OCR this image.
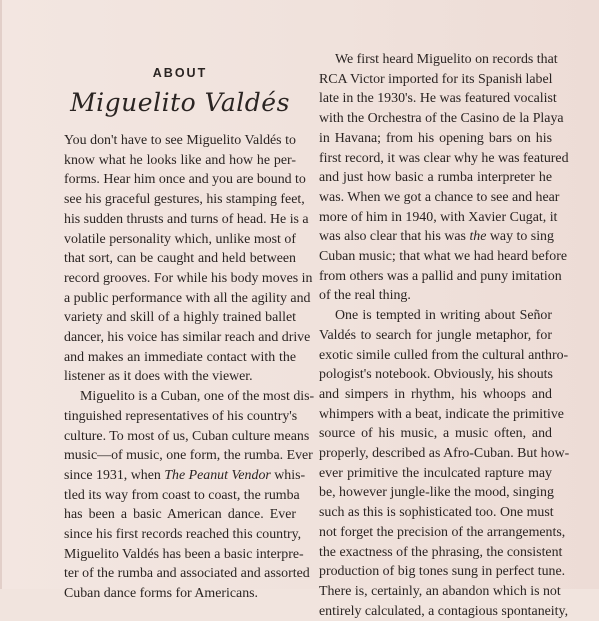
ABOUT
Miguelito Valdés
You don't have to see Miguelito Valdés to
know what he looks like and how he per-
forms. Hear him once and you are bound to
see his graceful gestures, his stamping feet,
his sudden thrusts and turns of head. He is a
volatile personality which, unlike most of
that sort, can be caught and held between
record grooves. For while his body moves in
a public performance with all the agility and
variety and skill of a highly trained ballet
dancer, his voice has similar reach and drive
and makes an immediate contact with the
listener as it does with the viewer.
Miguelito is a Cuban, one of the most dis-
tinguished representatives of his country's
culture. To most of us, Cuban culture means
music—of music, one form, the rumba. Ever
since 1931, when The Peanut Vendor whis-
tled its way from coast to coast, the rumba
has been a basic American dance. Ever
since his first records reached this country,
Miguelito Valdés has been a basic interpre-
ter of the rumba and associated and assorted
Cuban dance forms for Americans.
We first heard Miguelito on records that
RCA Victor imported for its Spanish label
late in the 1930's. He was featured vocalist
with the Orchestra of the Casino de la Playa
in Havana; from his opening bars on his
first record, it was clear why he was featured
and just how basic a rumba interpreter he
was. When we got a chance to see and hear
more of him in 1940, with Xavier Cugat, it
was also clear that his was the way to sing
Cuban music; that what we had heard before
from others was a pallid and puny imitation
of the real thing.
One is tempted in writing about Señor
Valdés to search for jungle metaphor, for
exotic simile culled from the cultural anthro-
pologist's notebook. Obviously, his shouts
and simpers in rhythm, his whoops and
whimpers with a beat, indicate the primitive
source of his music, a music often, and
properly, described as Afro-Cuban. But how-
ever primitive the inculcated rapture may
be, however jungle-like the mood, singing
such as this is sophisticated too. One must
not forget the precision of the arrangements,
the exactness of the phrasing, the consistent
production of big tones sung in perfect tune.
There is, certainly, an abandon which is not
entirely calculated, a contagious spontaneity,
